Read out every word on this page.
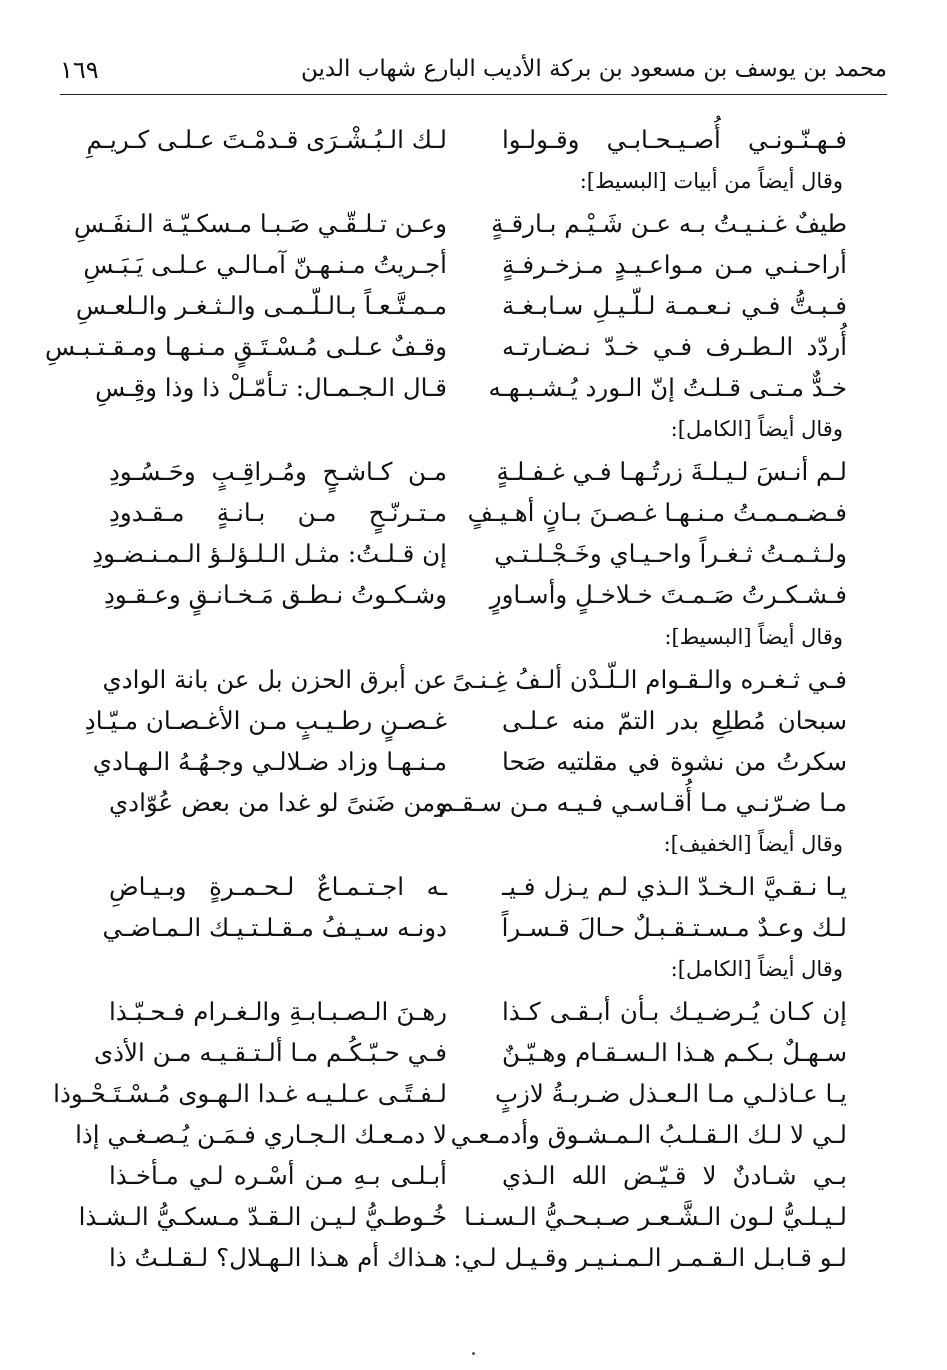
١٦٩	محمد بن يوسف بن مسعود بن بركة الأديب البارع شهاب الدين
فـهـنّـونـي أُصـيـحـابـي وقـولـوا
لـك الـبُـشْـرَى قـدمْـتَ عـلـى كـريـمِ
وقال أيضاً من أبيات [البسيط]:
طيفٌ غـنـيـتُ بـه عـن شَـيْـم بـارقـةٍ
وعـن تـلـقّـي صَـبـا مـسكـيّـة الـنفَـسِ
أراحـنـي مـن مـواعـيـدٍ مـزخـرفـةٍ
أجـريتُ مـنـهـنّ آمـالـي عـلـى يَـبَـسِ
فـبـتُّ فـي نـعـمـة لـلّـيـلِ سـابـغـة
مـمـتَّـعـاً بـالـلّـمـى والـثـغـر والـلعـسِ
أُردّد الـطـرف فـي خـدّ نـضـارتـه
وقـفٌ عـلـى مُـسْـتَـقٍ مـنـهـا ومـقـتـبـسِ
خـدٌّ مـتـى قـلـتُ إنّ الـورد يُـشـبـهـه
قـال الـجـمـال: تـأمّـلْ ذا وذا وقِـسِ
وقال أيضاً [الكامل]:
لـم أنـسَ لـيـلـةَ زرتُـهـا فـي غـفـلـةٍ
مـن كـاشـحٍ ومُـراقِـبٍ وحَـسُـودِ
فـضـمـمـتُ مـنـهـا غـصـنَ بـانٍ أهـيـفٍ
مـتـرنّـحٍ مـن بـانـةٍ مـقـدودِ
ولـثـمـتُ ثـغـراً واحـيـاي وخَـجْـلـتـي
إن قـلـتُ: مثـل الـلـؤلـؤ الـمـنـضـودِ
فـشـكـرتُ صَـمـتَ خـلاخـلٍ وأسـاورٍ
وشـكـوتُ نـطـق مَـخـانـقٍ وعـقـودِ
وقال أيضاً [البسيط]:
فـي ثـغـره والـقـوام الـلّـدْن ألـفُ غِـنـىً
عن أبرق الحزن بل عن بانة الوادي
سبحان مُطلِعِ بدر التمّ منه عـلـى
غـصـنٍ رطـيـبٍ مـن الأغـصـان مـيّـادِ
سكرتُ من نشوة في مقلتيه صَحا
مـنـهـا وزاد ضـلالـي وجـهُـهُ الـهـادي
مـا ضـرّنـي مـا أُقـاسـي فـيـه مـن سـقـم
ومن ضَنىً لو غدا من بعض عُوّادي
وقال أيضاً [الخفيف]:
يـا نـقـيَّ الـخـدّ الـذي لـم يـزل فـيـ
ـه اجـتـمـاعٌ لـحـمـرةٍ وبـيـاضِ
لـك وعـدٌ مـسـتـقـبـلٌ حـالَ قـسـراً
دونـه سـيـفُ مـقـلـتـيـك الـمـاضـي
وقال أيضاً [الكامل]:
إن كـان يُـرضـيـك بـأن أبـقـى كـذا
رهـنَ الـصـبـابـةِ والـغـرام فـحـبّـذا
سـهـلٌ بـكـم هـذا الـسـقـام وهـيّـنٌ
فـي حـبّـكُـم مـا ألـتـقـيـه مـن الأذى
يـا عـاذلـي مـا الـعـذل ضـربـةُ لازبٍ
لـفـتًـى عـلـيـه غـدا الـهـوى مُـسْـتَـحْـوذا
لـي لا لـك الـقـلـبُ الـمـشـوق وأدمـعـي
لا دمـعـك الـجـاري فـمَـن يُـصـغـي إذا
بـي شـادنٌ لا قـيّـض الله الـذي
أبـلـى بـهِ مـن أسْـره لـي مـأخـذا
لـيـلـيُّ لـون الـشَّـعـر صـبـحـيُّ الـسـنـا
خُـوطـيُّ لـيـن الـقـدّ مـسكـيُّ الـشـذا
لـو قـابـل الـقـمـر الـمـنـيـر وقـيـل لـي:
هـذاك أم هـذا الـهـلال؟ لـقـلـتُ ذا
